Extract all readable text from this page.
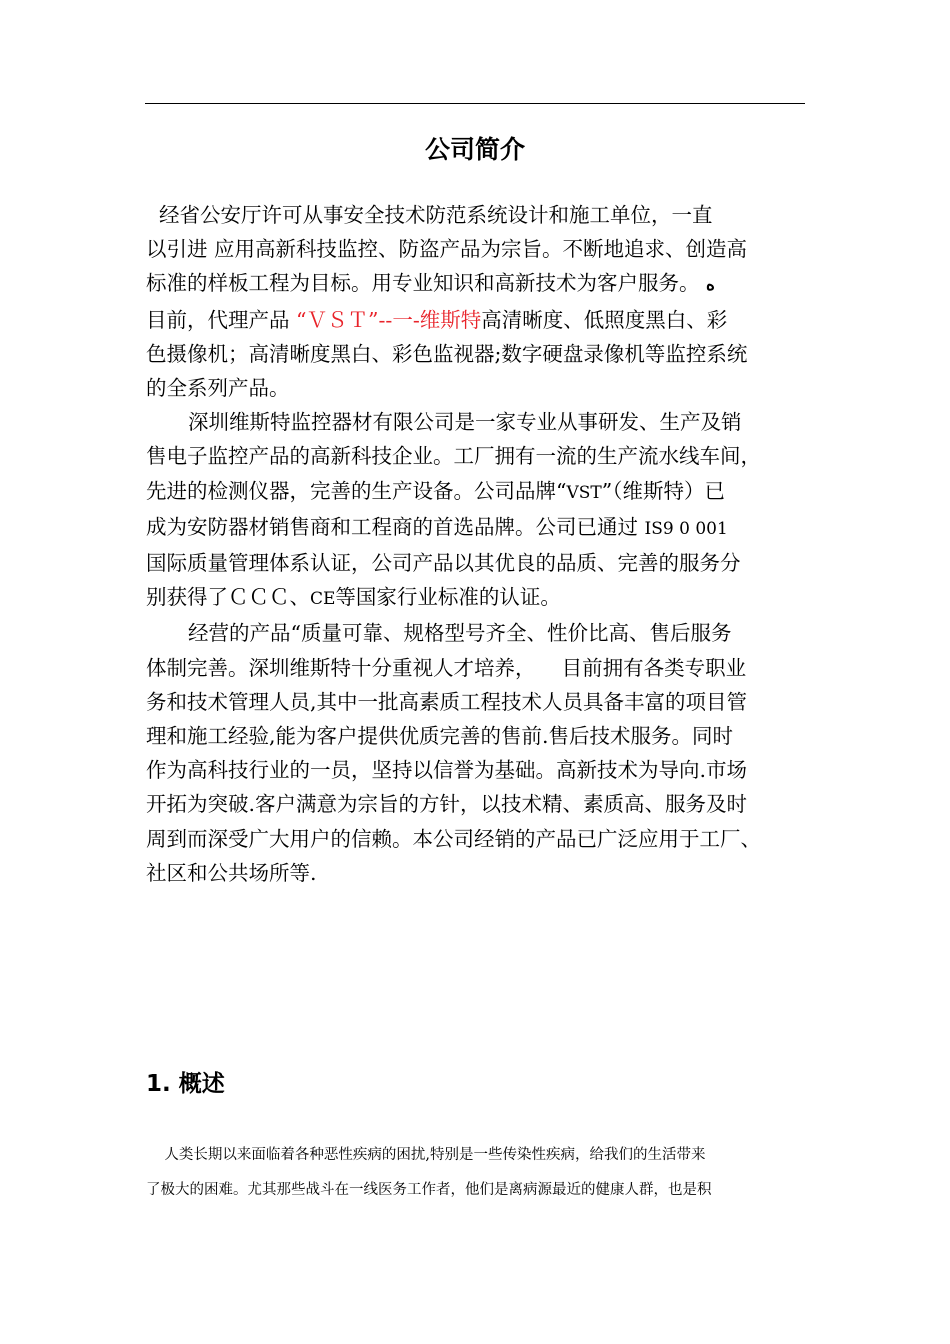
公司简介

经省公安厅许可从事安全技术防范系统设计和施工单位，一直
以引进 应用高新科技监控、防盗产品为宗旨。不断地追求、创造高
标准的样板工程为目标。用专业知识和高新技术为客户服务。 ه

目前，代理产品 “ＶＳＴ”--一-维斯特高清晰度、低照度黑白、彩
色摄像机；高清晰度黑白、彩色监视器;数字硬盘录像机等监控系统
的全系列产品。

深圳维斯特监控器材有限公司是一家专业从事研发、生产及销
售电子监控产品的高新科技企业。工厂拥有一流的生产流水线车间，
先进的检测仪器，完善的生产设备。公司品牌“VST”（维斯特）已
成为安防器材销售商和工程商的首选品牌。公司已通过 IS9 0 001
国际质量管理体系认证，公司产品以其优良的品质、完善的服务分
别获得了ＣＣＣ、CE等国家行业标准的认证。

经营的产品“质量可靠、规格型号齐全、性价比高、售后服务
体制完善。深圳维斯特十分重视人才培养，    目前拥有各类专职业
务和技术管理人员,其中一批高素质工程技术人员具备丰富的项目管
理和施工经验,能为客户提供优质完善的售前.售后技术服务。同时
作为高科技行业的一员，坚持以信誉为基础。高新技术为导向.市场
开拓为突破.客户满意为宗旨的方针，以技术精、素质高、服务及时
周到而深受广大用户的信赖。本公司经销的产品已广泛应用于工厂、
社区和公共场所等.

1. 概述

人类长期以来面临着各种恶性疾病的困扰,特别是一些传染性疾病，给我们的生活带来
了极大的困难。尤其那些战斗在一线医务工作者，他们是离病源最近的健康人群，也是积
